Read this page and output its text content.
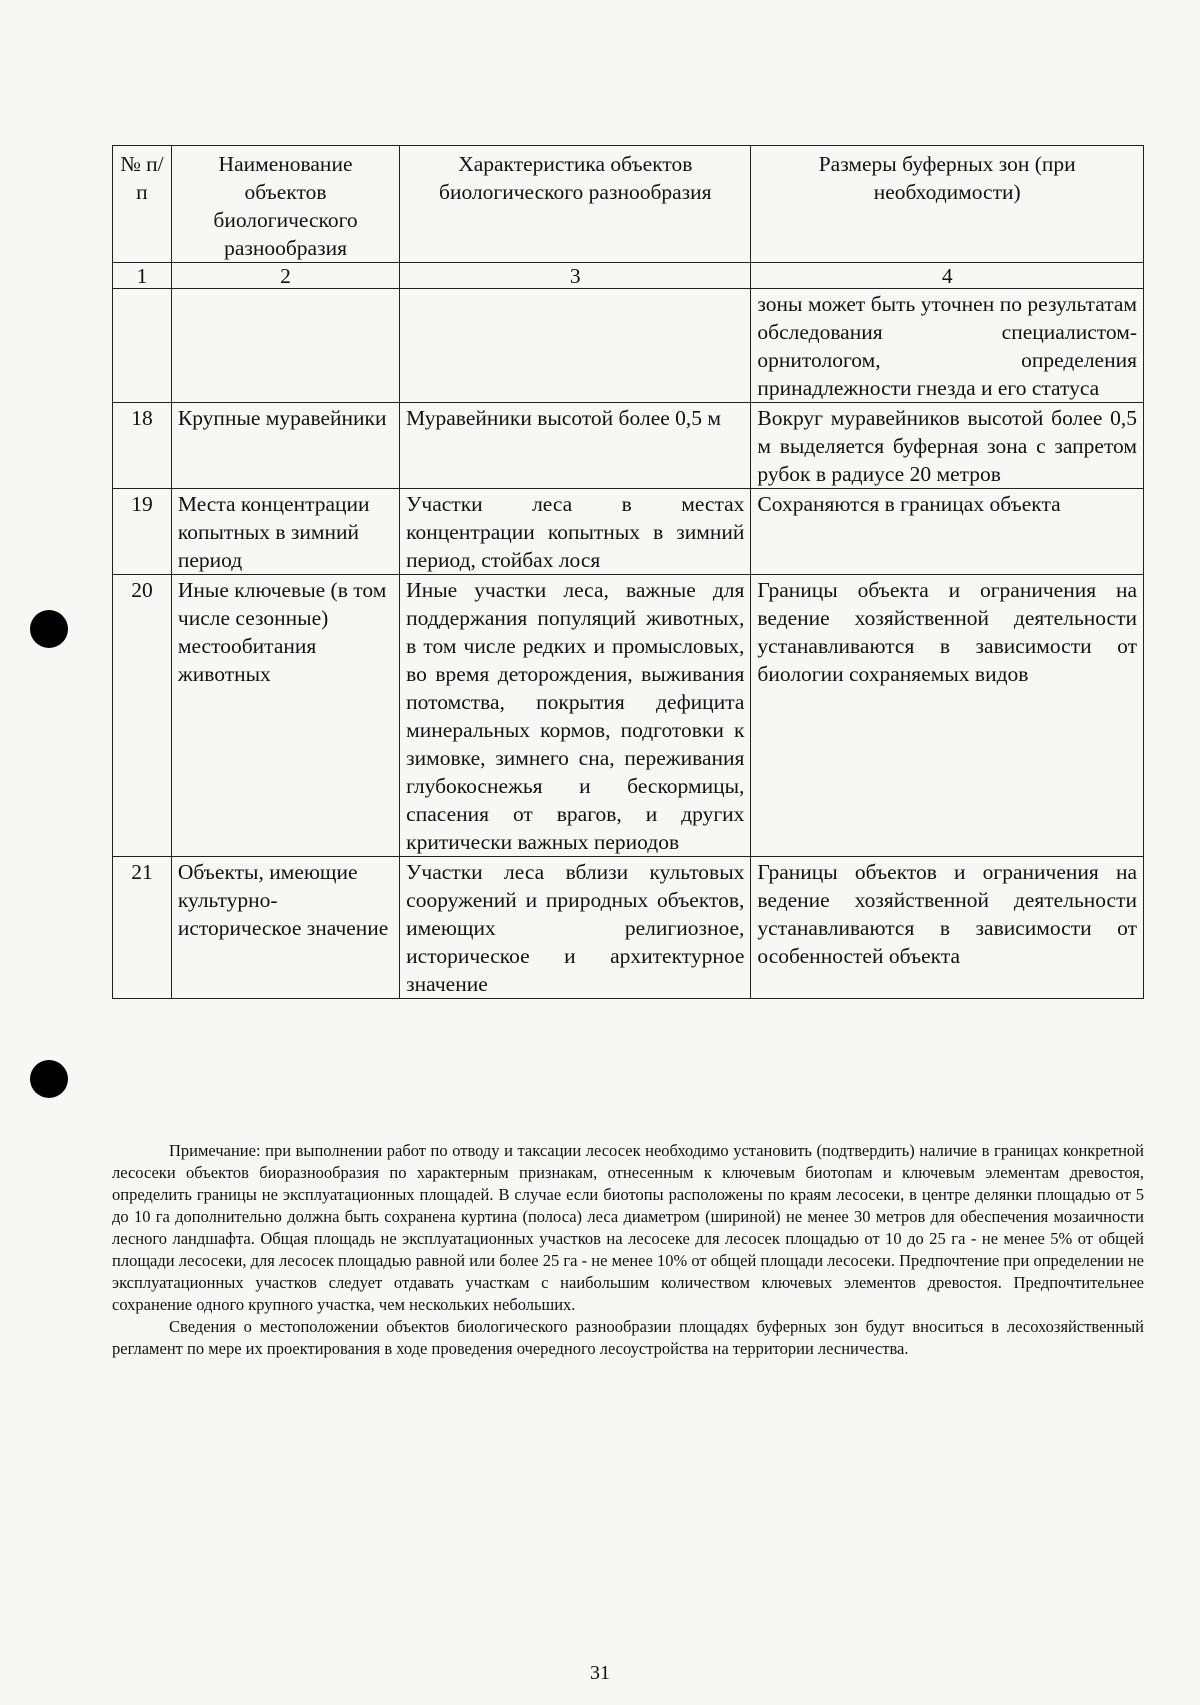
№ п/п	Наименование объектов биологического разнообразия	Характеристика объектов биологического разнообразия	Размеры буферных зон (при необходимости)
1	2	3	4
			зоны может быть уточнен по результатам обследования специалистом-орнитологом, определения принадлежности гнезда и его статуса
18	Крупные муравейники	Муравейники высотой более 0,5 м	Вокруг муравейников высотой более 0,5 м выделяется буферная зона с запретом рубок в радиусе 20 метров
19	Места концентрации копытных в зимний период	Участки леса в местах концентрации копытных в зимний период, стойбах лося	Сохраняются в границах объекта
20	Иные ключевые (в том числе сезонные) местообитания животных	Иные участки леса, важные для поддержания популяций животных, в том числе редких и промысловых, во время деторождения, выживания потомства, покрытия дефицита минеральных кормов, подготовки к зимовке, зимнего сна, переживания глубокоснежья и бескормицы, спасения от врагов, и других критически важных периодов	Границы объекта и ограничения на ведение хозяйственной деятельности устанавливаются в зависимости от биологии сохраняемых видов
21	Объекты, имеющие культурно-историческое значение	Участки леса вблизи культовых сооружений и природных объектов, имеющих религиозное, историческое и архитектурное значение	Границы объектов и ограничения на ведение хозяйственной деятельности устанавливаются в зависимости от особенностей объекта

Примечание: при выполнении работ по отводу и таксации лесосек необходимо установить (подтвердить) наличие в границах конкретной лесосеки объектов биоразнообразия по характерным признакам, отнесенным к ключевым биотопам и ключевым элементам древостоя, определить границы не эксплуатационных площадей. В случае если биотопы расположены по краям лесосеки, в центре делянки площадью от 5 до 10 га дополнительно должна быть сохранена куртина (полоса) леса диаметром (шириной) не менее 30 метров для обеспечения мозаичности лесного ландшафта. Общая площадь не эксплуатационных участков на лесосеке для лесосек площадью от 10 до 25 га - не менее 5% от общей площади лесосеки, для лесосек площадью равной или более 25 га - не менее 10% от общей площади лесосеки. Предпочтение при определении не эксплуатационных участков следует отдавать участкам с наибольшим количеством ключевых элементов древостоя. Предпочтительнее сохранение одного крупного участка, чем нескольких небольших.

Сведения о местоположении объектов биологического разнообразии площадях буферных зон будут вноситься в лесохозяйственный регламент по мере их проектирования в ходе проведения очередного лесоустройства на территории лесничества.

31
